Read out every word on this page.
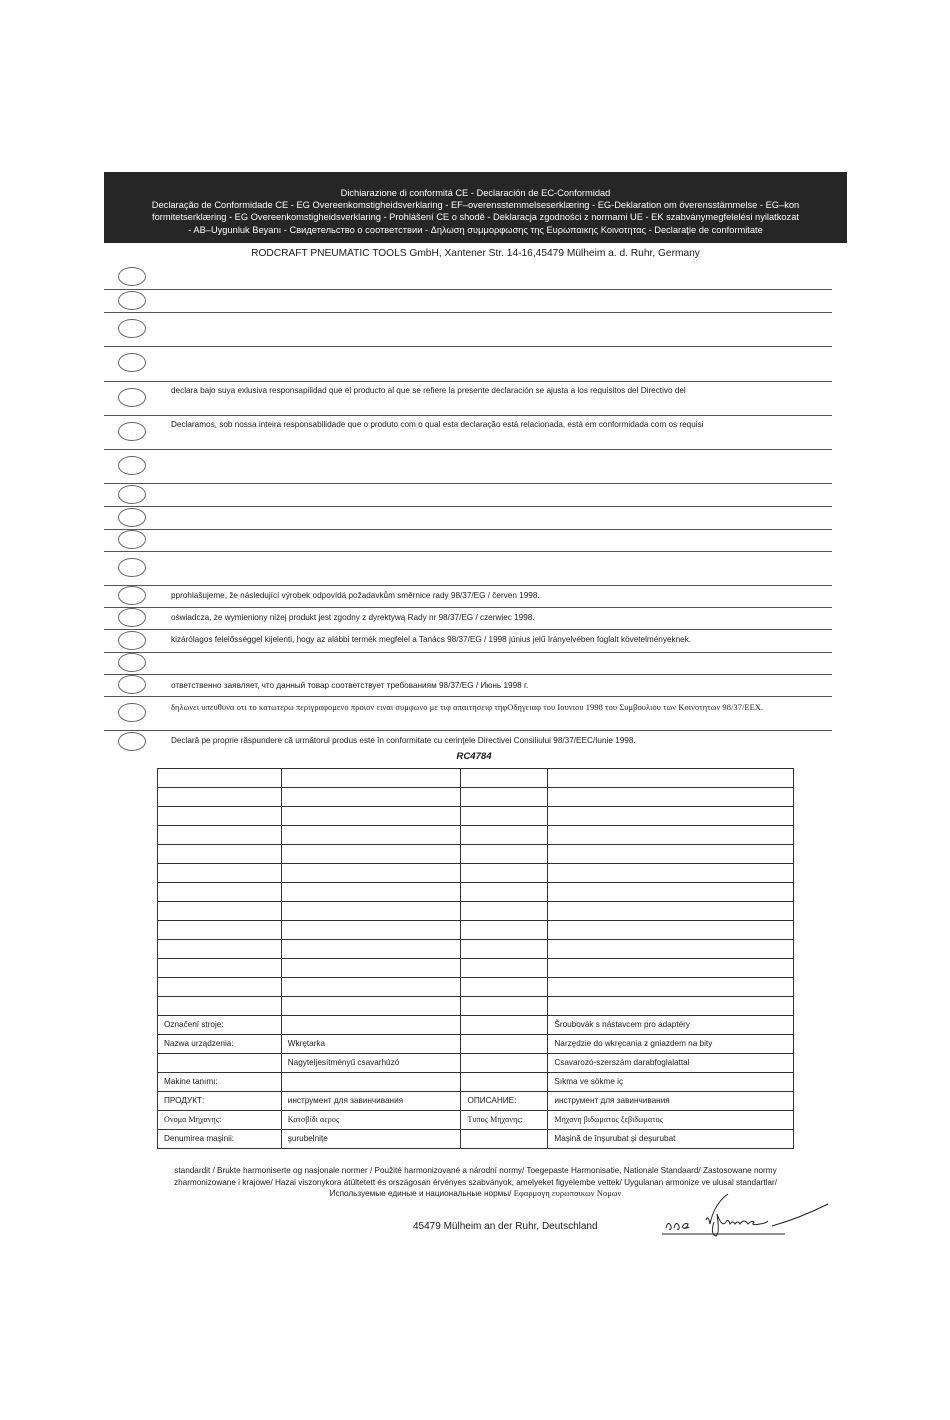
Dichiarazione di conformitá CE - Declaración de EC-Conformidad
Declaração de Conformidade CE - EG Overeenkomstigheidsverklaring - EF–overensstemmelseserklæring - EG-Deklaration om överensstämmelse - EG–kon
formitetserklæring - EG Overeenkomstigheidsverklaring - Prohlášení CE o shodě - Deklaracja zgodności z normami UE - EK szabványmegfelelési nyilatkozat
- AB–Uygunluk Beyanı - Свидетельство о соответствии - Δηλωση συμμορφωσης της Ευρωπαικης Κοινοτητας - Declaraţie de conformitate
RODCRAFT PNEUMATIC TOOLS GmbH, Xantener Str. 14-16,45479 Mülheim a. d. Ruhr, Germany
declara bajo suya exlusiva responsapilidad que el producto al que se refiere la presente declaración se ajusta a los requisitos del Directivo del
Declaramos, sob nossa inteira responsabilidade que o produto com o qual esta declaração está relacionada, está em conformidada com os requisi
pprohlašujeme, že následující výrobek odpovídá požadavkům směrnice rady 98/37/EG / červen 1998.
oświadcza, że wymieniony niżej produkt jest zgodny z dyrektywą Rady nr 98/37/EG / czerwiec 1998.
kizárólagos felelősséggel kijelenti, hogy az alábbi termék megfelel a Tanács 98/37/EG / 1998 június jelű Irányelvében foglalt követelményeknek.
ответственно заявляет, что данный товар соответствует требованиям 98/37/EG / Июнь 1998 г.
δηλωνει υπευθυνα οτι το κατωτερω περιγραφομενο προιον ειναι συμφωνο με τιφ απαιτησειφ τηφΟδηγειαφ του Ιουνιου 1998 του Συμβουλιου των Κοινοτητων 98/37/EEX.
Declară pe proprie răspundere că urmǎtorul produs este în conformitate cu cerinţele Directivei Consiliului 98/37/EEC/Iunie 1998.
RC4784

Označení stroje:			Šroubovák s nástavcem pro adaptéry
Nazwa urządzenia:	Wkrętarka		Narzędzie do wkręcania z gniazdem na bity
	Nagyteljesítményű csavarhúzó		Csavarozó-szerszám darabfoglalattal
Makine tanımı:			Sıkma ve sökme iç
ПРОДУКТ:	инструмент для завинчивания	ОПИСАНИЕ:	инструмент для завинчивания
Ονομα Μηχανης:	Κατσβίδι αερος	Τυπος Μηχανης:	Μηχανη βιδωματος ξεβιδωματος
Denumirea maşinii:	şurubelniţe		Maşină de înşurubat şi deşurubat
standardit / Brukte harmoniserte og nasjonale normer / Použité harmonizované a národní normy/ Toegepaste Harmonisatie, Nationale Standaard/ Zastosowane normy
zharmonizowane i krajowe/ Hazai viszonykora átültetett és országosan érvényes szabványok, amelyeket figyelembe vettek/ Uygulanan armonize ve ulusal standartlar/
Используемые единые и национальные нормы/ Εφαρμογη ευρωπαικων Νομων
45479 Mülheim an der Ruhr, Deutschland
